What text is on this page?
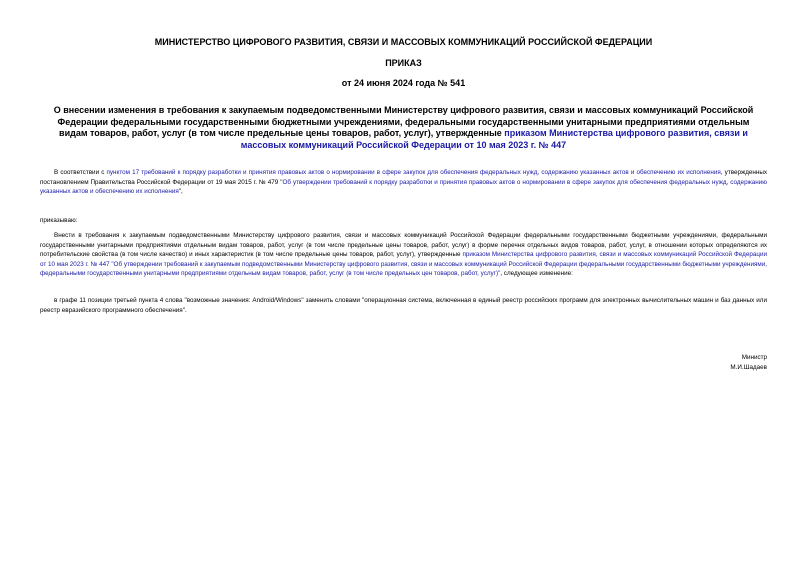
МИНИСТЕРСТВО ЦИФРОВОГО РАЗВИТИЯ, СВЯЗИ И МАССОВЫХ КОММУНИКАЦИЙ РОССИЙСКОЙ ФЕДЕРАЦИИ
ПРИКАЗ
от 24 июня 2024 года № 541
О внесении изменения в требования к закупаемым подведомственными Министерству цифрового развития, связи и массовых коммуникаций Российской Федерации федеральными государственными бюджетными учреждениями, федеральными государственными унитарными предприятиями отдельным видам товаров, работ, услуг (в том числе предельные цены товаров, работ, услуг), утвержденные приказом Министерства цифрового развития, связи и массовых коммуникаций Российской Федерации от 10 мая 2023 г. № 447
В соответствии с пунктом 17 требований к порядку разработки и принятия правовых актов о нормировании в сфере закупок для обеспечения федеральных нужд, содержанию указанных актов и обеспечению их исполнения, утвержденных постановлением Правительства Российской Федерации от 19 мая 2015 г. № 479 "Об утверждении требований к порядку разработки и принятия правовых актов о нормировании в сфере закупок для обеспечения федеральных нужд, содержанию указанных актов и обеспечению их исполнения",
приказываю:
Внести в требования к закупаемым подведомственными Министерству цифрового развития, связи и массовых коммуникаций Российской Федерации федеральными государственными бюджетными учреждениями, федеральными государственными унитарными предприятиями отдельным видам товаров, работ, услуг (в том числе предельные цены товаров, работ, услуг) в форме перечня отдельных видов товаров, работ, услуг, в отношении которых определяются их потребительские свойства (в том числе качество) и иных характеристик (в том числе предельные цены товаров, работ, услуг), утвержденные приказом Министерства цифрового развития, связи и массовых коммуникаций Российской Федерации от 10 мая 2023 г. № 447 "Об утверждении требований к закупаемым подведомственными Министерству цифрового развития, связи и массовых коммуникаций Российской Федерации федеральными государственными бюджетными учреждениями, федеральными государственными унитарными предприятиями отдельным видам товаров, работ, услуг (в том числе предельных цен товаров, работ, услуг)", следующее изменение:
в графе 11 позиции третьей пункта 4 слова "возможные значения: Android/Windows" заменить словами "операционная система, включенная в единый реестр российских программ для электронных вычислительных машин и баз данных или реестр евразийского программного обеспечения".
Министр
М.И.Шадаев
